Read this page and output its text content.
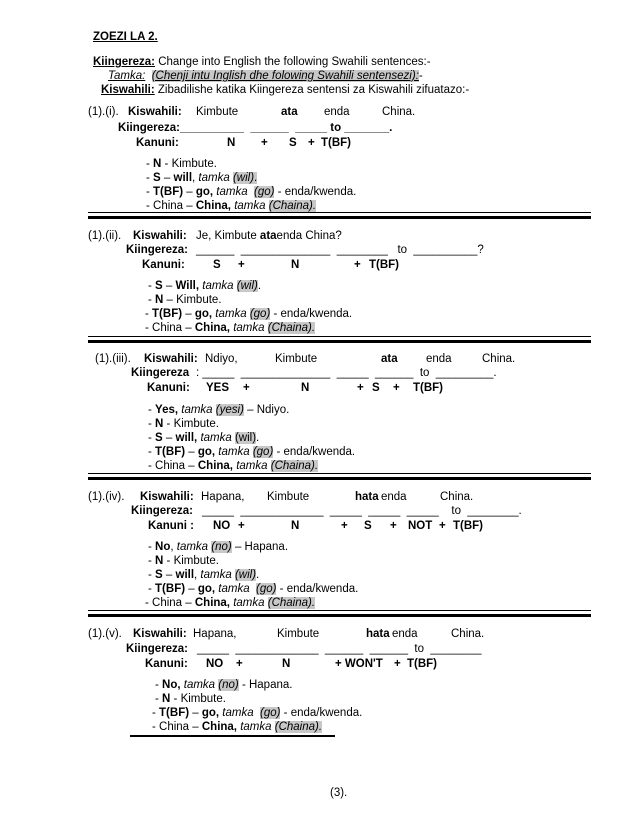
ZOEZI LA 2.
Kiingereza: Change into English the following Swahili sentences:-
Tamka: (Chenji intu Inglish dhe folowing Swahili sentensezi):-
Kiswahili: Zibadilishe katika Kiingereza sentensi za Kiswahili zifuatazo:-
(1).(i). Kiswahili: Kimbute	ata enda	China.
Kiingereza:__________  ______  _____ to _______.
Kanuni:	N + S + T(BF)
- N - Kimbute.
- S – will, tamka (wil).
- T(BF) – go, tamka (go) - enda/kwenda.
- China – China, tamka (Chaina).
(1).(ii). Kiswahili: Je, Kimbute ataenda China?
Kiingereza: ______  ______________  ________   to  __________?
Kanuni: S +	N	+ T(BF)
- S – Will, tamka (wil).
- N – Kimbute.
- T(BF) – go, tamka (go) - enda/kwenda.
- China – China, tamka (Chaina).
(1).(iii). Kiswahili: Ndiyo,	Kimbute	ata enda	China.
Kiingereza : _____  ______________  _____  ______  to  _________.
Kanuni: YES +	N	+ S + T(BF)
- Yes, tamka (yesi) – Ndiyo.
- N - Kimbute.
- S – will, tamka (wil).
- T(BF) – go, tamka (go) - enda/kwenda.
- China – China, tamka (Chaina).
(1).(iv). Kiswahili: Hapana, Kimbute	hata enda	China.
Kiingereza: _____  _____________  _____  _____  _____    to  ________.
Kanuni : NO +	N	+ S + NOT + T(BF)
- No, tamka (no) – Hapana.
- N - Kimbute.
- S – will, tamka (wil).
- T(BF) – go, tamka (go) - enda/kwenda.
- China – China, tamka (Chaina).
(1).(v). Kiswahili: Hapana,	Kimbute	hata enda	China.
Kiingereza: _____  _____________  ______  ______  to  ________
Kanuni: NO +	N	+ WON'T + T(BF)
- No, tamka (no) - Hapana.
- N - Kimbute.
- T(BF) – go, tamka (go) - enda/kwenda.
- China – China, tamka (Chaina).
(3).
